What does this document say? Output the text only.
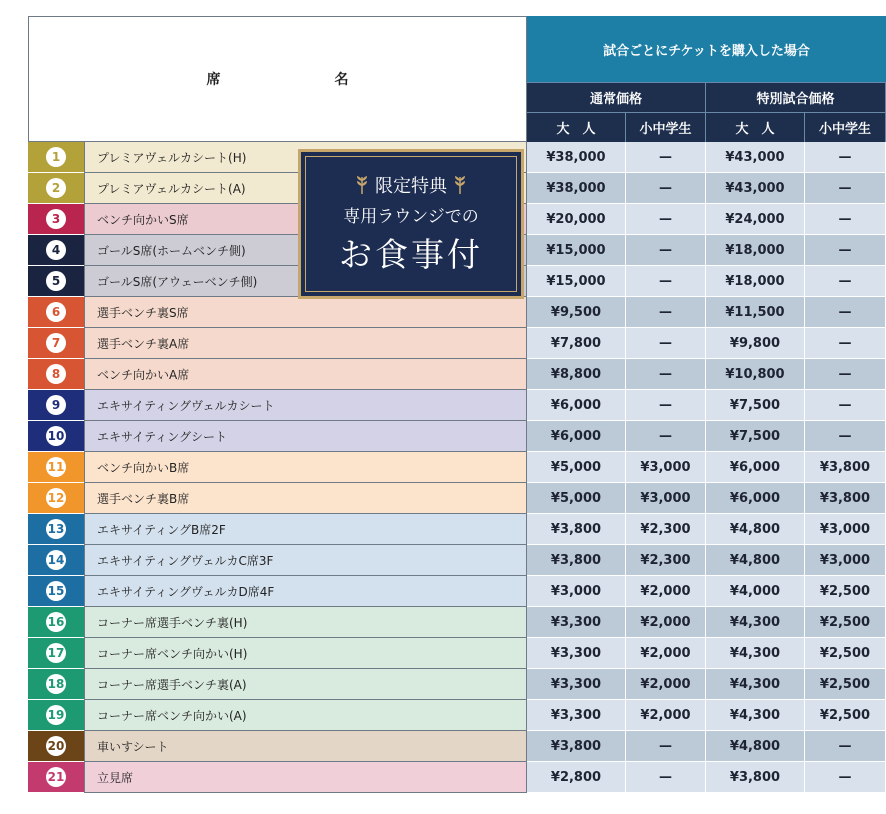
席　名
試合ごとにチケットを購入した場合
通常価格	特別試合価格
大　人	小中学生	大　人	小中学生
1	プレミアヴェルカシート(H)	¥38,000	—	¥43,000	—
2	プレミアヴェルカシート(A)	¥38,000	—	¥43,000	—
3	ベンチ向かいS席	¥20,000	—	¥24,000	—
4	ゴールS席(ホームベンチ側)	¥15,000	—	¥18,000	—
5	ゴールS席(アウェーベンチ側)	¥15,000	—	¥18,000	—
6	選手ベンチ裏S席	¥9,500	—	¥11,500	—
7	選手ベンチ裏A席	¥7,800	—	¥9,800	—
8	ベンチ向かいA席	¥8,800	—	¥10,800	—
9	エキサイティングヴェルカシート	¥6,000	—	¥7,500	—
10	エキサイティングシート	¥6,000	—	¥7,500	—
11	ベンチ向かいB席	¥5,000	¥3,000	¥6,000	¥3,800
12	選手ベンチ裏B席	¥5,000	¥3,000	¥6,000	¥3,800
13	エキサイティングB席2F	¥3,800	¥2,300	¥4,800	¥3,000
14	エキサイティングヴェルカC席3F	¥3,800	¥2,300	¥4,800	¥3,000
15	エキサイティングヴェルカD席4F	¥3,000	¥2,000	¥4,000	¥2,500
16	コーナー席選手ベンチ裏(H)	¥3,300	¥2,000	¥4,300	¥2,500
17	コーナー席ベンチ向かい(H)	¥3,300	¥2,000	¥4,300	¥2,500
18	コーナー席選手ベンチ裏(A)	¥3,300	¥2,000	¥4,300	¥2,500
19	コーナー席ベンチ向かい(A)	¥3,300	¥2,000	¥4,300	¥2,500
20	車いすシート	¥3,800	—	¥4,800	—
21	立見席	¥2,800	—	¥3,800	—
限定特典
専用ラウンジでの
お食事付
